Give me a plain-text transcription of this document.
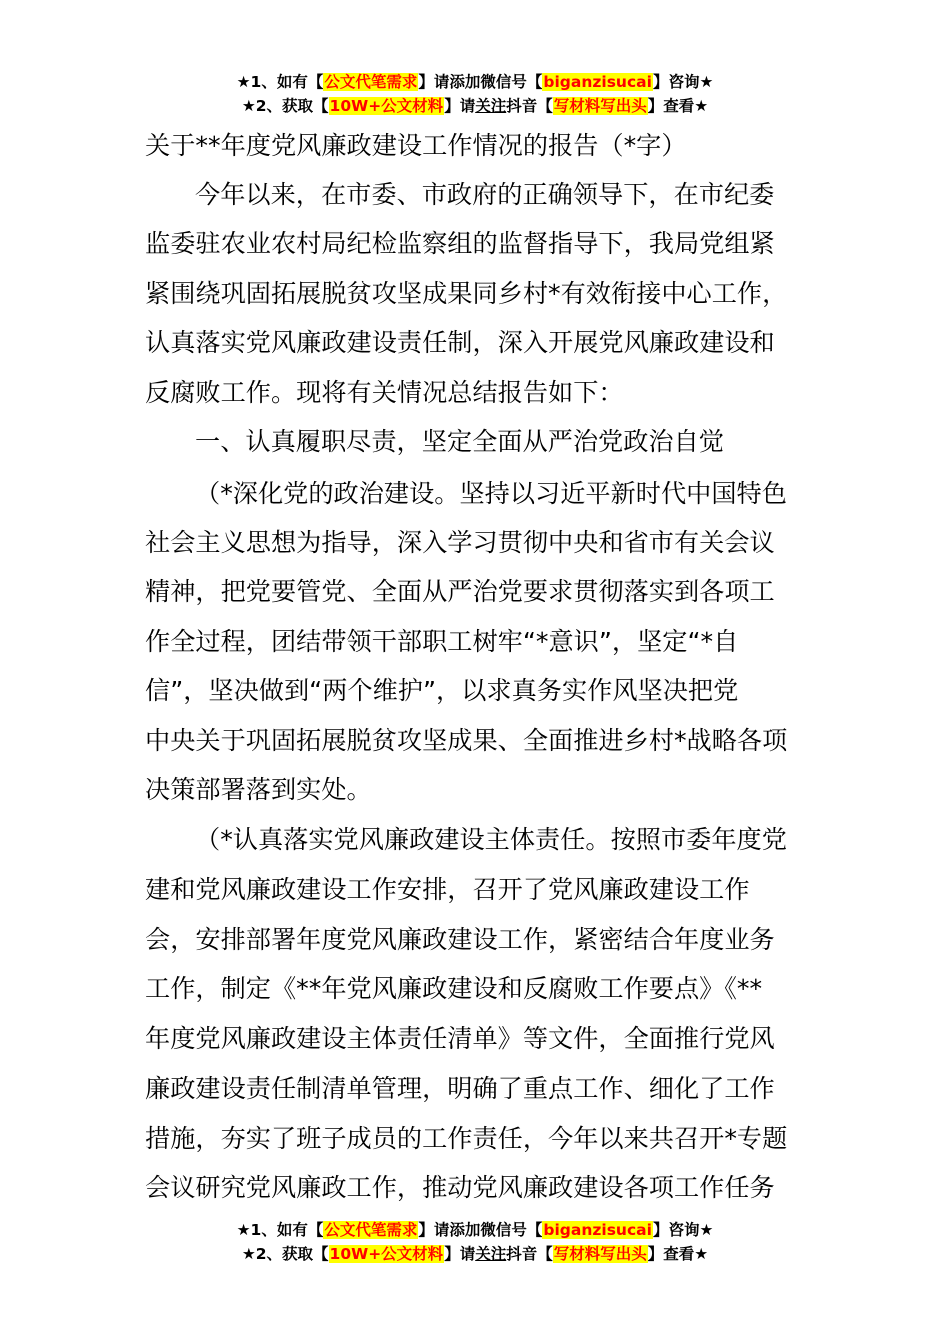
★1、如有【公文代笔需求】请添加微信号【biganzisucai】咨询★
★2、获取【10W+公文材料】请关注抖音【写材料写出头】查看★
关于**年度党风廉政建设工作情况的报告（*字）
今年以来，在市委、市政府的正确领导下，在市纪委
监委驻农业农村局纪检监察组的监督指导下，我局党组紧
紧围绕巩固拓展脱贫攻坚成果同乡村*有效衔接中心工作，
认真落实党风廉政建设责任制，深入开展党风廉政建设和
反腐败工作。现将有关情况总结报告如下：
一、认真履职尽责，坚定全面从严治党政治自觉
（*深化党的政治建设。坚持以习近平新时代中国特色
社会主义思想为指导，深入学习贯彻中央和省市有关会议
精神，把党要管党、全面从严治党要求贯彻落实到各项工
作全过程，团结带领干部职工树牢“*意识”，坚定“*自
信”，坚决做到“两个维护”，以求真务实作风坚决把党
中央关于巩固拓展脱贫攻坚成果、全面推进乡村*战略各项
决策部署落到实处。
（*认真落实党风廉政建设主体责任。按照市委年度党
建和党风廉政建设工作安排，召开了党风廉政建设工作
会，安排部署年度党风廉政建设工作，紧密结合年度业务
工作，制定《**年党风廉政建设和反腐败工作要点》《**
年度党风廉政建设主体责任清单》等文件，全面推行党风
廉政建设责任制清单管理，明确了重点工作、细化了工作
措施，夯实了班子成员的工作责任，今年以来共召开*专题
会议研究党风廉政工作，推动党风廉政建设各项工作任务
★1、如有【公文代笔需求】请添加微信号【biganzisucai】咨询★
★2、获取【10W+公文材料】请关注抖音【写材料写出头】查看★
